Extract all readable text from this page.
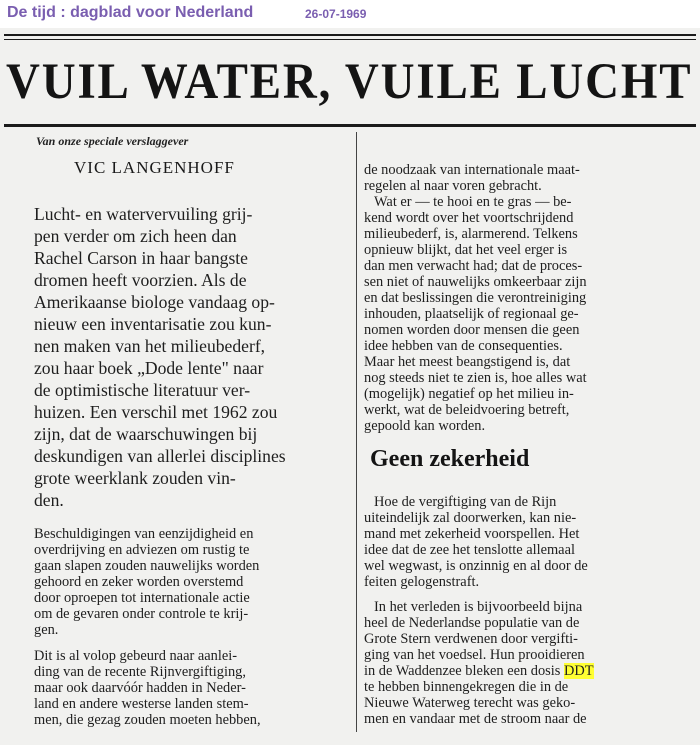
De tijd : dagblad voor Nederland	26-07-1969
VUIL WATER, VUILE LUCHT
Van onze speciale verslaggever
VIC LANGENHOFF
Lucht- en watervervuiling grij-
pen verder om zich heen dan
Rachel Carson in haar bangste
dromen heeft voorzien. Als de
Amerikaanse biologe vandaag op-
nieuw een inventarisatie zou kun-
nen maken van het milieubederf,
zou haar boek „Dode lente" naar
de optimistische literatuur ver-
huizen. Een verschil met 1962 zou
zijn, dat de waarschuwingen bij
deskundigen van allerlei disciplines
grote weerklank zouden vin-
den.
Beschuldigingen van eenzijdigheid en
overdrijving en adviezen om rustig te
gaan slapen zouden nauwelijks worden
gehoord en zeker worden overstemd
door oproepen tot internationale actie
om de gevaren onder controle te krij-
gen.
Dit is al volop gebeurd naar aanlei-
ding van de recente Rijnvergiftiging,
maar ook daarvóór hadden in Neder-
land en andere westerse landen stem-
men, die gezag zouden moeten hebben,
de noodzaak van internationale maat-
regelen al naar voren gebracht.
Wat er — te hooi en te gras — be-
kend wordt over het voortschrijdend
milieubederf, is, alarmerend. Telkens
opnieuw blijkt, dat het veel erger is
dan men verwacht had; dat de proces-
sen niet of nauwelijks omkeerbaar zijn
en dat beslissingen die verontreiniging
inhouden, plaatselijk of regionaal ge-
nomen worden door mensen die geen
idee hebben van de consequenties.
Maar het meest beangstigend is, dat
nog steeds niet te zien is, hoe alles wat
(mogelijk) negatief op het milieu in-
werkt, wat de beleidvoering betreft,
gepoold kan worden.
Geen zekerheid
Hoe de vergiftiging van de Rijn
uiteindelijk zal doorwerken, kan nie-
mand met zekerheid voorspellen. Het
idee dat de zee het tenslotte allemaal
wel wegwast, is onzinnig en al door de
feiten gelogenstraft.
In het verleden is bijvoorbeeld bijna
heel de Nederlandse populatie van de
Grote Stern verdwenen door vergifti-
ging van het voedsel. Hun prooidieren
in de Waddenzee bleken een dosis DDT
te hebben binnengekregen die in de
Nieuwe Waterweg terecht was geko-
men en vandaar met de stroom naar de
